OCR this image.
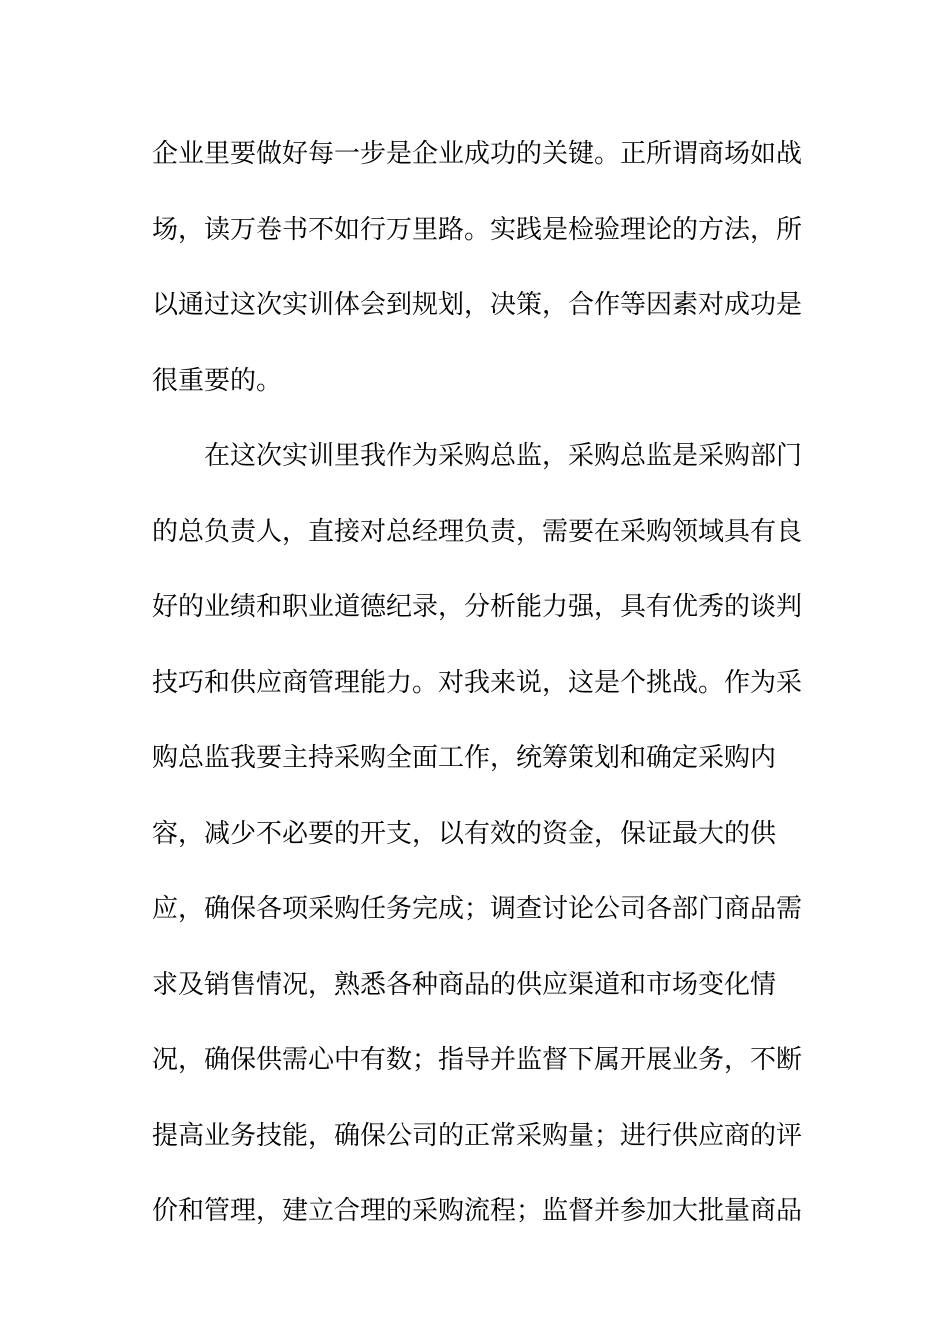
企业里要做好每一步是企业成功的关键。正所谓商场如战
场，读万卷书不如行万里路。实践是检验理论的方法，所
以通过这次实训体会到规划，决策，合作等因素对成功是
很重要的。
在这次实训里我作为采购总监，采购总监是采购部门
的总负责人，直接对总经理负责，需要在采购领域具有良
好的业绩和职业道德纪录，分析能力强，具有优秀的谈判
技巧和供应商管理能力。对我来说，这是个挑战。作为采
购总监我要主持采购全面工作，统筹策划和确定采购内
容，减少不必要的开支，以有效的资金，保证最大的供
应，确保各项采购任务完成；调查讨论公司各部门商品需
求及销售情况，熟悉各种商品的供应渠道和市场变化情
况，确保供需心中有数；指导并监督下属开展业务，不断
提高业务技能，确保公司的正常采购量；进行供应商的评
价和管理，建立合理的采购流程；监督并参加大批量商品
